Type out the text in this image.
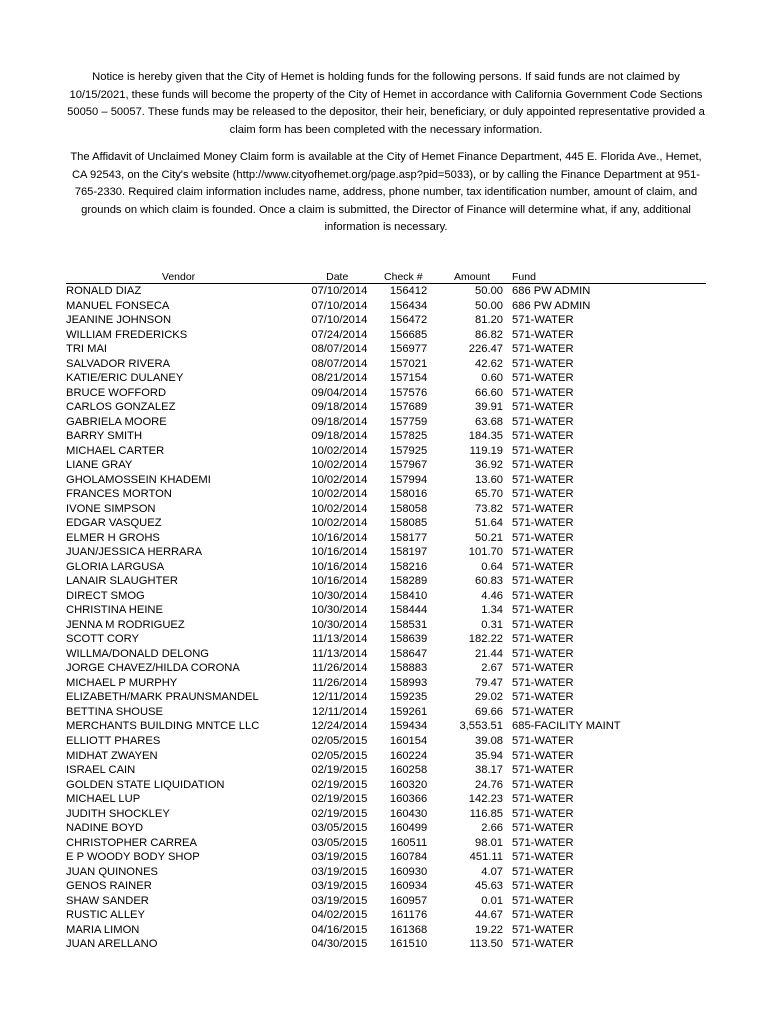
Notice is hereby given that the City of Hemet is holding funds for the following persons. If said funds are not claimed by 10/15/2021, these funds will become the property of the City of Hemet in accordance with California Government Code Sections 50050 – 50057. These funds may be released to the depositor, their heir, beneficiary, or duly appointed representative provided a claim form has been completed with the necessary information.

The Affidavit of Unclaimed Money Claim form is available at the City of Hemet Finance Department, 445 E. Florida Ave., Hemet, CA 92543, on the City's website (http://www.cityofhemet.org/page.asp?pid=5033), or by calling the Finance Department at 951-765-2330. Required claim information includes name, address, phone number, tax identification number, amount of claim, and grounds on which claim is founded. Once a claim is submitted, the Director of Finance will determine what, if any, additional information is necessary.

Vendor	Date	Check #	Amount	Fund
RONALD DIAZ	07/10/2014	156412	50.00	686 PW ADMIN
MANUEL FONSECA	07/10/2014	156434	50.00	686 PW ADMIN
JEANINE JOHNSON	07/10/2014	156472	81.20	571-WATER
WILLIAM FREDERICKS	07/24/2014	156685	86.82	571-WATER
TRI MAI	08/07/2014	156977	226.47	571-WATER
SALVADOR RIVERA	08/07/2014	157021	42.62	571-WATER
KATIE/ERIC DULANEY	08/21/2014	157154	0.60	571-WATER
BRUCE WOFFORD	09/04/2014	157576	66.60	571-WATER
CARLOS GONZALEZ	09/18/2014	157689	39.91	571-WATER
GABRIELA MOORE	09/18/2014	157759	63.68	571-WATER
BARRY SMITH	09/18/2014	157825	184.35	571-WATER
MICHAEL CARTER	10/02/2014	157925	119.19	571-WATER
LIANE GRAY	10/02/2014	157967	36.92	571-WATER
GHOLAMOSSEIN KHADEMI	10/02/2014	157994	13.60	571-WATER
FRANCES MORTON	10/02/2014	158016	65.70	571-WATER
IVONE SIMPSON	10/02/2014	158058	73.82	571-WATER
EDGAR VASQUEZ	10/02/2014	158085	51.64	571-WATER
ELMER H GROHS	10/16/2014	158177	50.21	571-WATER
JUAN/JESSICA HERRARA	10/16/2014	158197	101.70	571-WATER
GLORIA LARGUSA	10/16/2014	158216	0.64	571-WATER
LANAIR SLAUGHTER	10/16/2014	158289	60.83	571-WATER
DIRECT SMOG	10/30/2014	158410	4.46	571-WATER
CHRISTINA HEINE	10/30/2014	158444	1.34	571-WATER
JENNA M RODRIGUEZ	10/30/2014	158531	0.31	571-WATER
SCOTT CORY	11/13/2014	158639	182.22	571-WATER
WILLMA/DONALD DELONG	11/13/2014	158647	21.44	571-WATER
JORGE CHAVEZ/HILDA CORONA	11/26/2014	158883	2.67	571-WATER
MICHAEL P MURPHY	11/26/2014	158993	79.47	571-WATER
ELIZABETH/MARK PRAUNSMANDEL	12/11/2014	159235	29.02	571-WATER
BETTINA SHOUSE	12/11/2014	159261	69.66	571-WATER
MERCHANTS BUILDING MNTCE LLC	12/24/2014	159434	3,553.51	685-FACILITY MAINT
ELLIOTT PHARES	02/05/2015	160154	39.08	571-WATER
MIDHAT ZWAYEN	02/05/2015	160224	35.94	571-WATER
ISRAEL CAIN	02/19/2015	160258	38.17	571-WATER
GOLDEN STATE LIQUIDATION	02/19/2015	160320	24.76	571-WATER
MICHAEL LUP	02/19/2015	160366	142.23	571-WATER
JUDITH SHOCKLEY	02/19/2015	160430	116.85	571-WATER
NADINE BOYD	03/05/2015	160499	2.66	571-WATER
CHRISTOPHER CARREA	03/05/2015	160511	98.01	571-WATER
E P WOODY BODY SHOP	03/19/2015	160784	451.11	571-WATER
JUAN QUINONES	03/19/2015	160930	4.07	571-WATER
GENOS RAINER	03/19/2015	160934	45.63	571-WATER
SHAW SANDER	03/19/2015	160957	0.01	571-WATER
RUSTIC ALLEY	04/02/2015	161176	44.67	571-WATER
MARIA LIMON	04/16/2015	161368	19.22	571-WATER
JUAN ARELLANO	04/30/2015	161510	113.50	571-WATER
